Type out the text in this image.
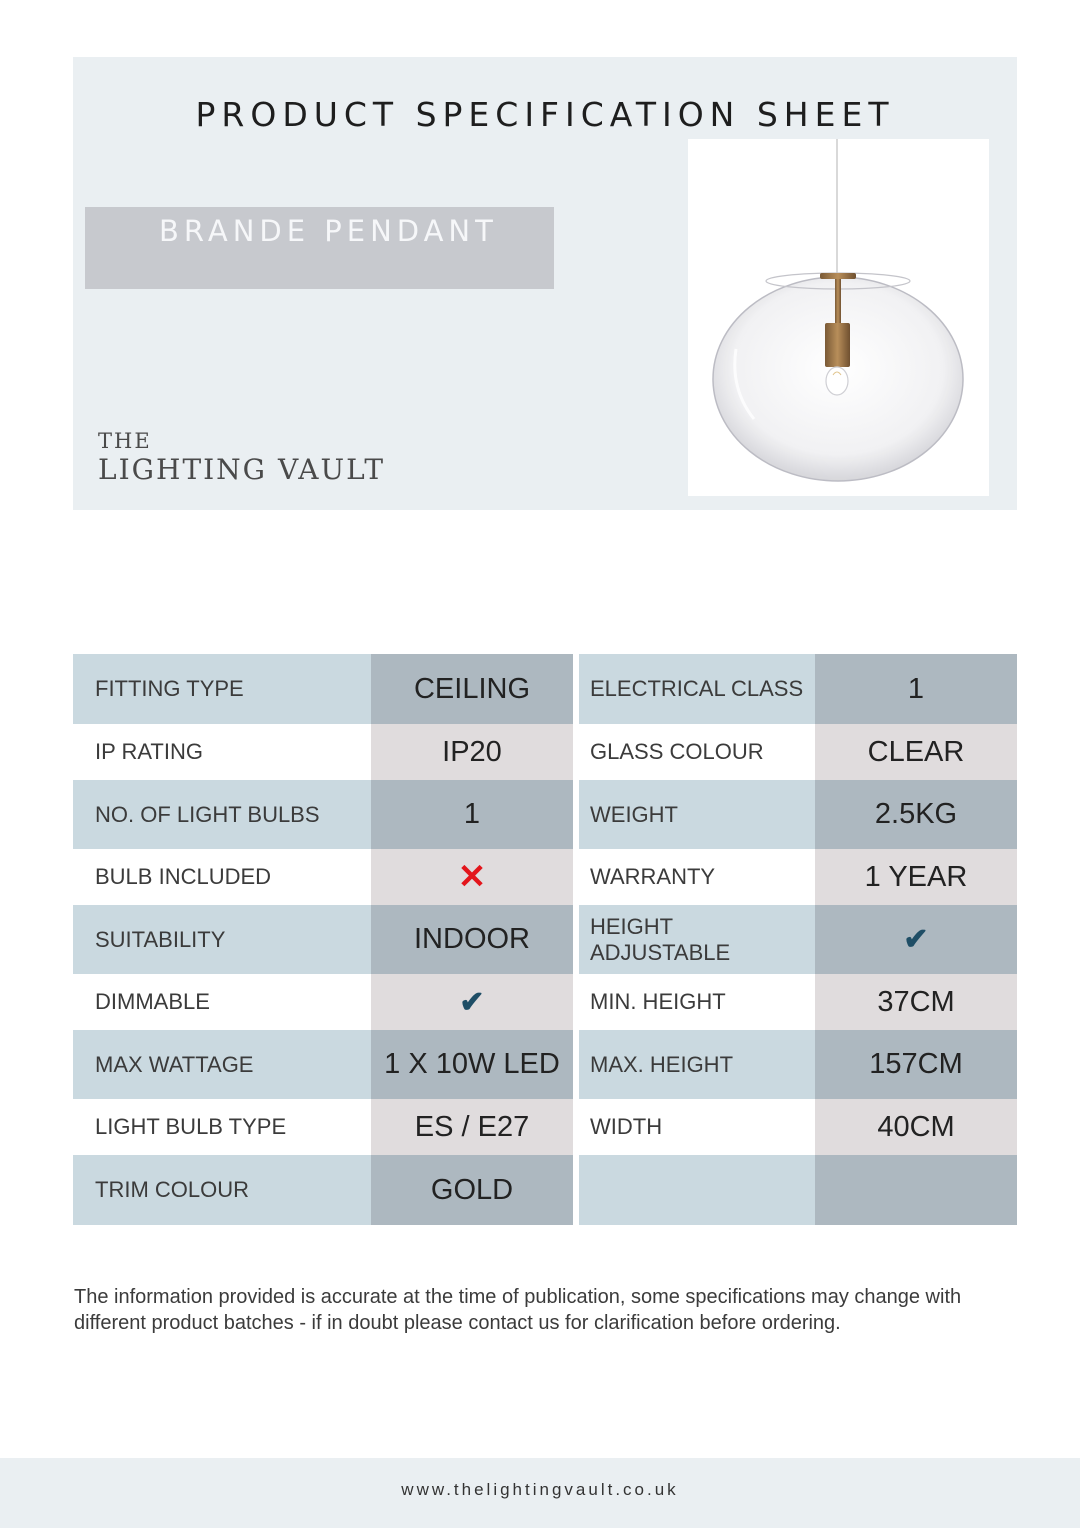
PRODUCT SPECIFICATION SHEET
BRANDE PENDANT
THE
LIGHTING VAULT
FITTING TYPE	CEILING	ELECTRICAL CLASS	1
IP RATING	IP20	GLASS COLOUR	CLEAR
NO. OF LIGHT BULBS	1	WEIGHT	2.5KG
BULB INCLUDED	✕	WARRANTY	1 YEAR
SUITABILITY	INDOOR	HEIGHT ADJUSTABLE	✔
DIMMABLE	✔	MIN. HEIGHT	37CM
MAX WATTAGE	1 X 10W LED	MAX. HEIGHT	157CM
LIGHT BULB TYPE	ES / E27	WIDTH	40CM
TRIM COLOUR	GOLD

The information provided is accurate at the time of publication, some specifications may change with different product batches - if in doubt please contact us for clarification before ordering.

www.thelightingvault.co.uk
